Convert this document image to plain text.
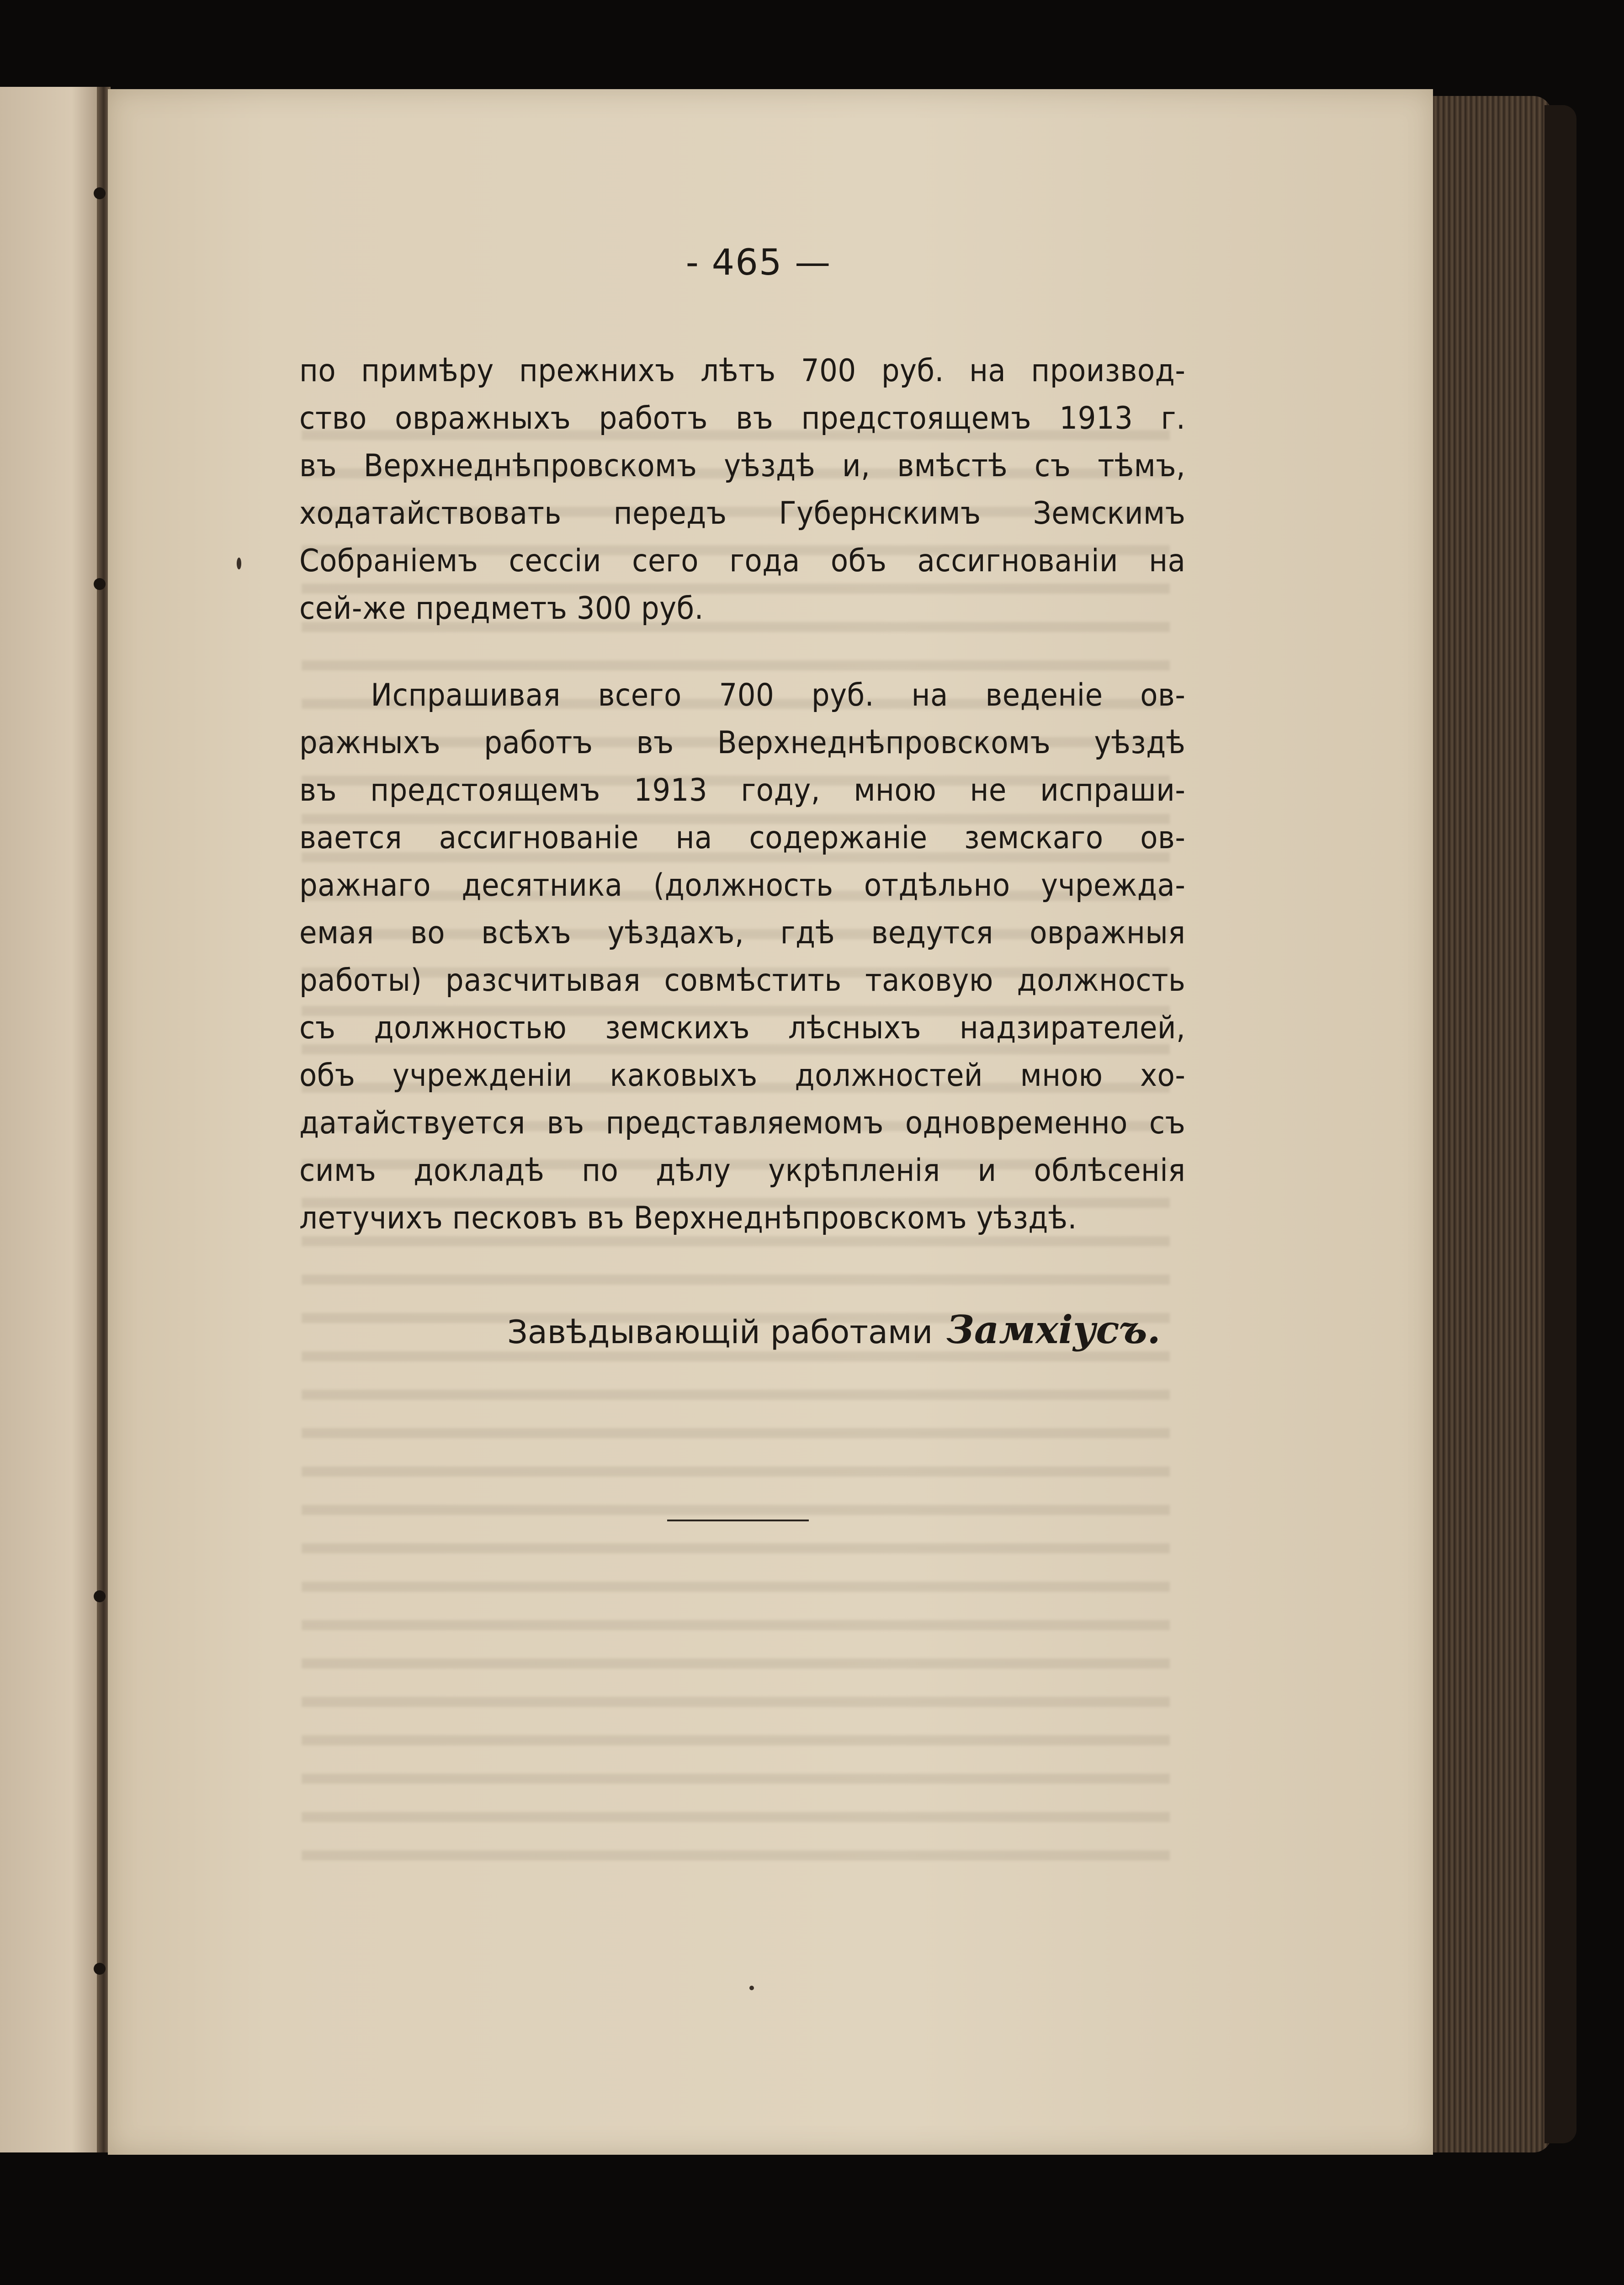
- 465 —
по примѣру прежнихъ лѣтъ 700 руб. на производ-
ство овражныхъ работъ въ предстоящемъ 1913 г.
въ Верхнеднѣпровскомъ уѣздѣ и, вмѣстѣ съ тѣмъ,
ходатайствовать передъ Губернскимъ Земскимъ
Собраніемъ сессіи сего года объ ассигнованіи на
сей-же предметъ 300 руб.
Испрашивая всего 700 руб. на веденіе ов-
ражныхъ работъ въ Верхнеднѣпровскомъ уѣздѣ
въ предстоящемъ 1913 году, мною не испраши-
вается ассигнованіе на содержаніе земскаго ов-
ражнаго десятника (должность отдѣльно учрежда-
емая во всѣхъ уѣздахъ, гдѣ ведутся овражныя
работы) разсчитывая совмѣстить таковую должность
съ должностью земскихъ лѣсныхъ надзирателей,
объ учрежденіи каковыхъ должностей мною хо-
датайствуется въ представляемомъ одновременно съ
симъ докладѣ по дѣлу укрѣпленія и облѣсенія
летучихъ песковъ въ Верхнеднѣпровскомъ уѣздѣ.
Завѣдывающій работами Замхіусъ.
